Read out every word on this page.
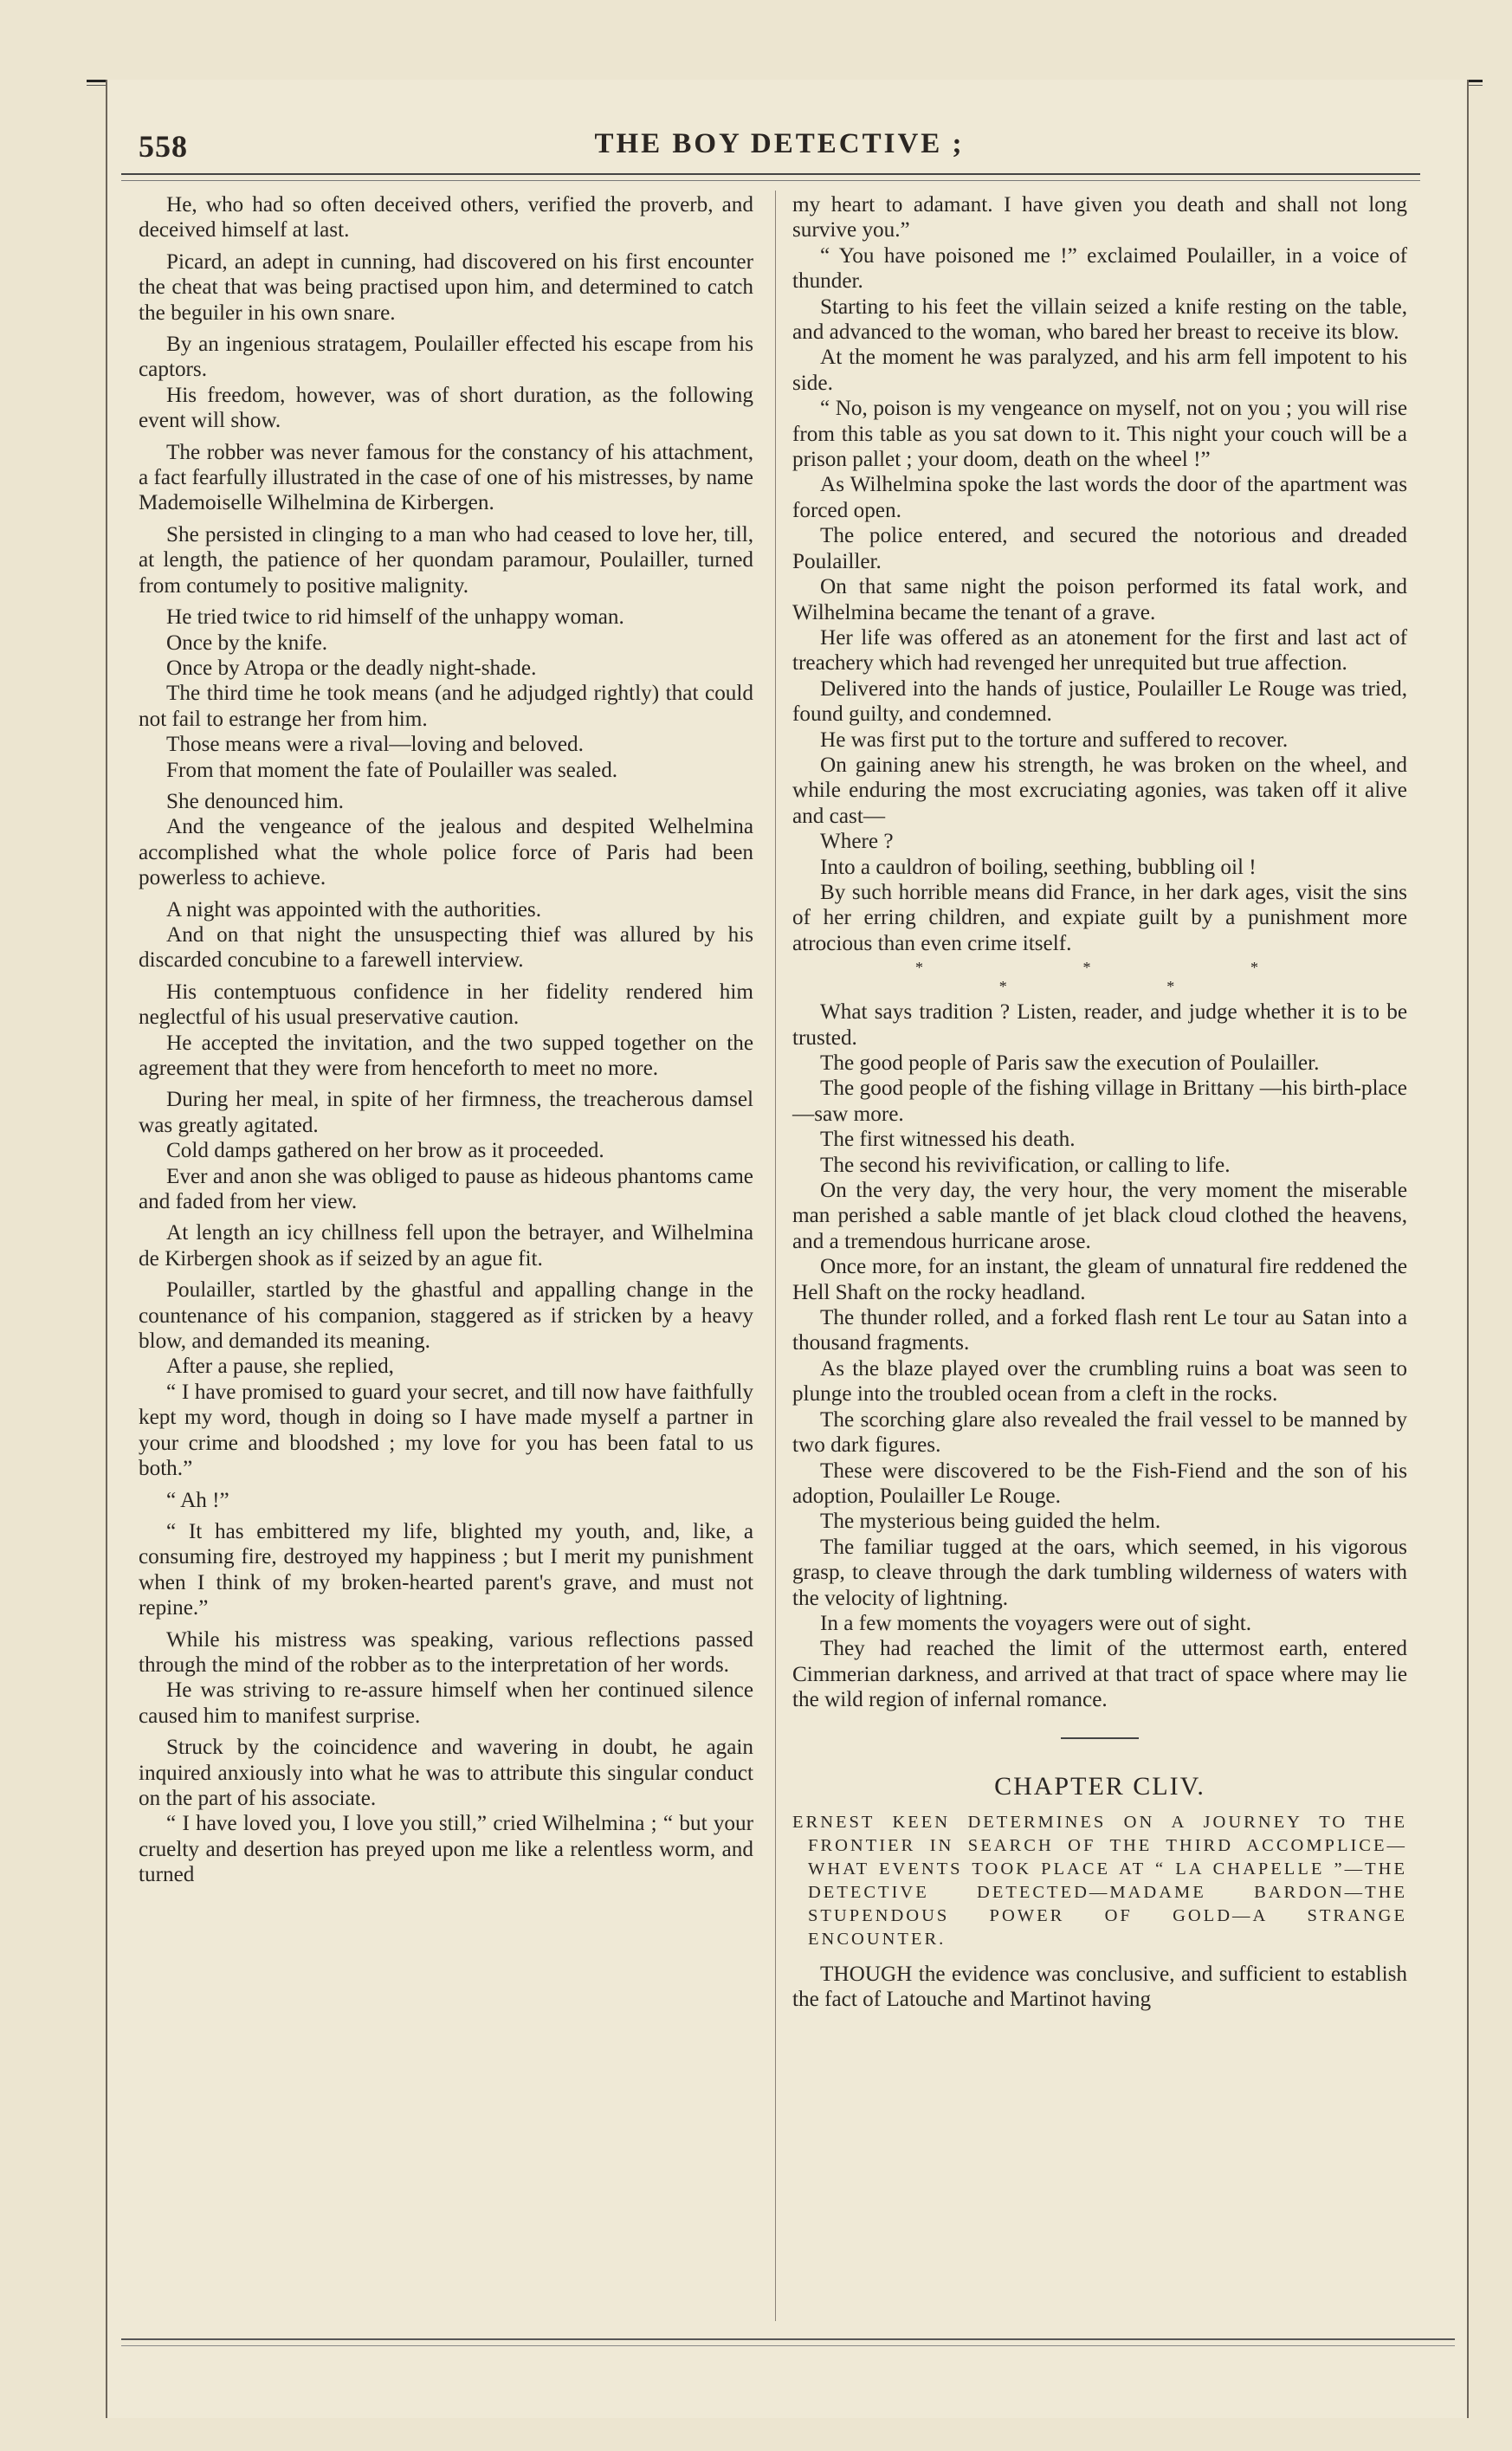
558	THE BOY DETECTIVE ;

He, who had so often deceived others, verified the proverb, and deceived himself at last.

Picard, an adept in cunning, had discovered on his first encounter the cheat that was being practised upon him, and determined to catch the beguiler in his own snare.

By an ingenious stratagem, Poulailler effected his escape from his captors.

His freedom, however, was of short duration, as the following event will show.

The robber was never famous for the constancy of his attachment, a fact fearfully illustrated in the case of one of his mistresses, by name Mademoiselle Wilhelmina de Kirbergen.

She persisted in clinging to a man who had ceased to love her, till, at length, the patience of her quondam paramour, Poulailler, turned from contumely to positive malignity.

He tried twice to rid himself of the unhappy woman.

Once by the knife.

Once by Atropa or the deadly night-shade.

The third time he took means (and he adjudged rightly) that could not fail to estrange her from him.

Those means were a rival—loving and beloved.

From that moment the fate of Poulailler was sealed.

She denounced him.

And the vengeance of the jealous and despited Welhelmina accomplished what the whole police force of Paris had been powerless to achieve.

A night was appointed with the authorities.

And on that night the unsuspecting thief was allured by his discarded concubine to a farewell interview.

His contemptuous confidence in her fidelity rendered him neglectful of his usual preservative caution.

He accepted the invitation, and the two supped together on the agreement that they were from henceforth to meet no more.

During her meal, in spite of her firmness, the treacherous damsel was greatly agitated.

Cold damps gathered on her brow as it proceeded.

Ever and anon she was obliged to pause as hideous phantoms came and faded from her view.

At length an icy chillness fell upon the betrayer, and Wilhelmina de Kirbergen shook as if seized by an ague fit.

Poulailler, startled by the ghastful and appalling change in the countenance of his companion, staggered as if stricken by a heavy blow, and demanded its meaning.

After a pause, she replied,

“ I have promised to guard your secret, and till now have faithfully kept my word, though in doing so I have made myself a partner in your crime and bloodshed ; my love for you has been fatal to us both.”

“ Ah !”

“ It has embittered my life, blighted my youth, and, like, a consuming fire, destroyed my happiness ; but I merit my punishment when I think of my broken-hearted parent's grave, and must not repine.”

While his mistress was speaking, various reflections passed through the mind of the robber as to the interpretation of her words.

He was striving to re-assure himself when her continued silence caused him to manifest surprise.

Struck by the coincidence and wavering in doubt, he again inquired anxiously into what he was to attribute this singular conduct on the part of his associate.

“ I have loved you, I love you still,” cried Wilhelmina ; “ but your cruelty and desertion has preyed upon me like a relentless worm, and turned

my heart to adamant. I have given you death and shall not long survive you.”

“ You have poisoned me !” exclaimed Poulailler, in a voice of thunder.

Starting to his feet the villain seized a knife resting on the table, and advanced to the woman, who bared her breast to receive its blow.

At the moment he was paralyzed, and his arm fell impotent to his side.

“ No, poison is my vengeance on myself, not on you ; you will rise from this table as you sat down to it. This night your couch will be a prison pallet ; your doom, death on the wheel !”

As Wilhelmina spoke the last words the door of the apartment was forced open.

The police entered, and secured the notorious and dreaded Poulailler.

On that same night the poison performed its fatal work, and Wilhelmina became the tenant of a grave.

Her life was offered as an atonement for the first and last act of treachery which had revenged her unrequited but true affection.

Delivered into the hands of justice, Poulailler Le Rouge was tried, found guilty, and condemned.

He was first put to the torture and suffered to recover.

On gaining anew his strength, he was broken on the wheel, and while enduring the most excruciating agonies, was taken off it alive and cast—

Where ?

Into a cauldron of boiling, seething, bubbling oil !

By such horrible means did France, in her dark ages, visit the sins of her erring children, and expiate guilt by a punishment more atrocious than even crime itself.

* * * * *

What says tradition ? Listen, reader, and judge whether it is to be trusted.

The good people of Paris saw the execution of Poulailler.

The good people of the fishing village in Brittany —his birth-place—saw more.

The first witnessed his death.

The second his revivification, or calling to life.

On the very day, the very hour, the very moment the miserable man perished a sable mantle of jet black cloud clothed the heavens, and a tremendous hurricane arose.

Once more, for an instant, the gleam of unnatural fire reddened the Hell Shaft on the rocky headland.

The thunder rolled, and a forked flash rent Le tour au Satan into a thousand fragments.

As the blaze played over the crumbling ruins a boat was seen to plunge into the troubled ocean from a cleft in the rocks.

The scorching glare also revealed the frail vessel to be manned by two dark figures.

These were discovered to be the Fish-Fiend and the son of his adoption, Poulailler Le Rouge.

The mysterious being guided the helm.

The familiar tugged at the oars, which seemed, in his vigorous grasp, to cleave through the dark tumbling wilderness of waters with the velocity of lightning.

In a few moments the voyagers were out of sight.

They had reached the limit of the uttermost earth, entered Cimmerian darkness, and arrived at that tract of space where may lie the wild region of infernal romance.

CHAPTER CLIV.
ERNEST KEEN DETERMINES ON A JOURNEY TO THE FRONTIER IN SEARCH OF THE THIRD ACCOMPLICE—WHAT EVENTS TOOK PLACE AT “ LA CHAPELLE ”—THE DETECTIVE DETECTED—MADAME BARDON—THE STUPENDOUS POWER OF GOLD—A STRANGE ENCOUNTER.

THOUGH the evidence was conclusive, and sufficient to establish the fact of Latouche and Martinot having
